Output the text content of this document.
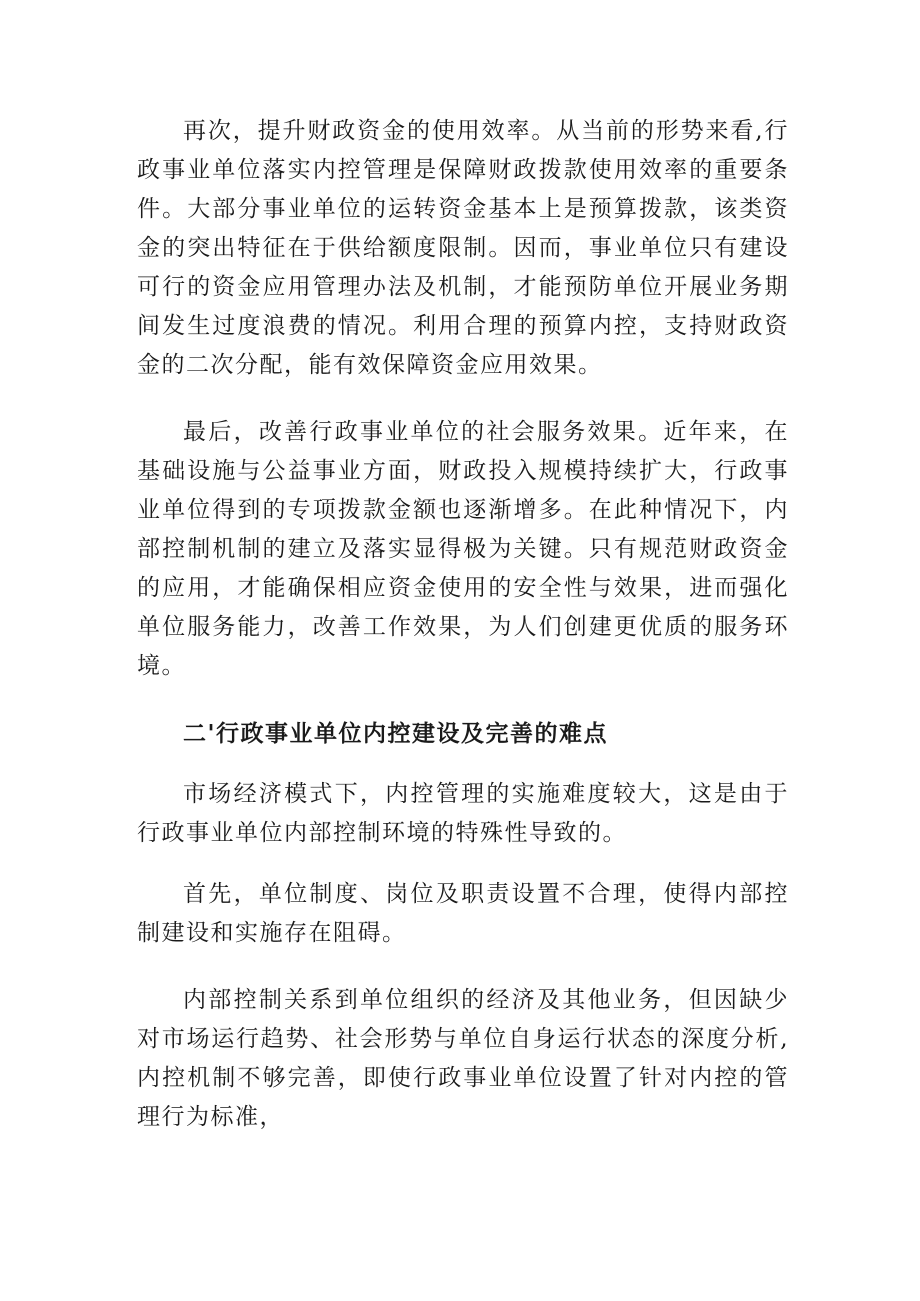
再次，提升财政资金的使用效率。从当前的形势来看,行政事业单位落实内控管理是保障财政拨款使用效率的重要条件。大部分事业单位的运转资金基本上是预算拨款，该类资金的突出特征在于供给额度限制。因而，事业单位只有建设可行的资金应用管理办法及机制，才能预防单位开展业务期间发生过度浪费的情况。利用合理的预算内控，支持财政资金的二次分配，能有效保障资金应用效果。

最后，改善行政事业单位的社会服务效果。近年来，在基础设施与公益事业方面，财政投入规模持续扩大，行政事业单位得到的专项拨款金额也逐渐增多。在此种情况下，内部控制机制的建立及落实显得极为关键。只有规范财政资金的应用，才能确保相应资金使用的安全性与效果，进而强化单位服务能力，改善工作效果，为人们创建更优质的服务环境。

二'行政事业单位内控建设及完善的难点

市场经济模式下，内控管理的实施难度较大，这是由于行政事业单位内部控制环境的特殊性导致的。

首先，单位制度、岗位及职责设置不合理，使得内部控制建设和实施存在阻碍。

内部控制关系到单位组织的经济及其他业务，但因缺少对市场运行趋势、社会形势与单位自身运行状态的深度分析,内控机制不够完善，即使行政事业单位设置了针对内控的管理行为标准，
